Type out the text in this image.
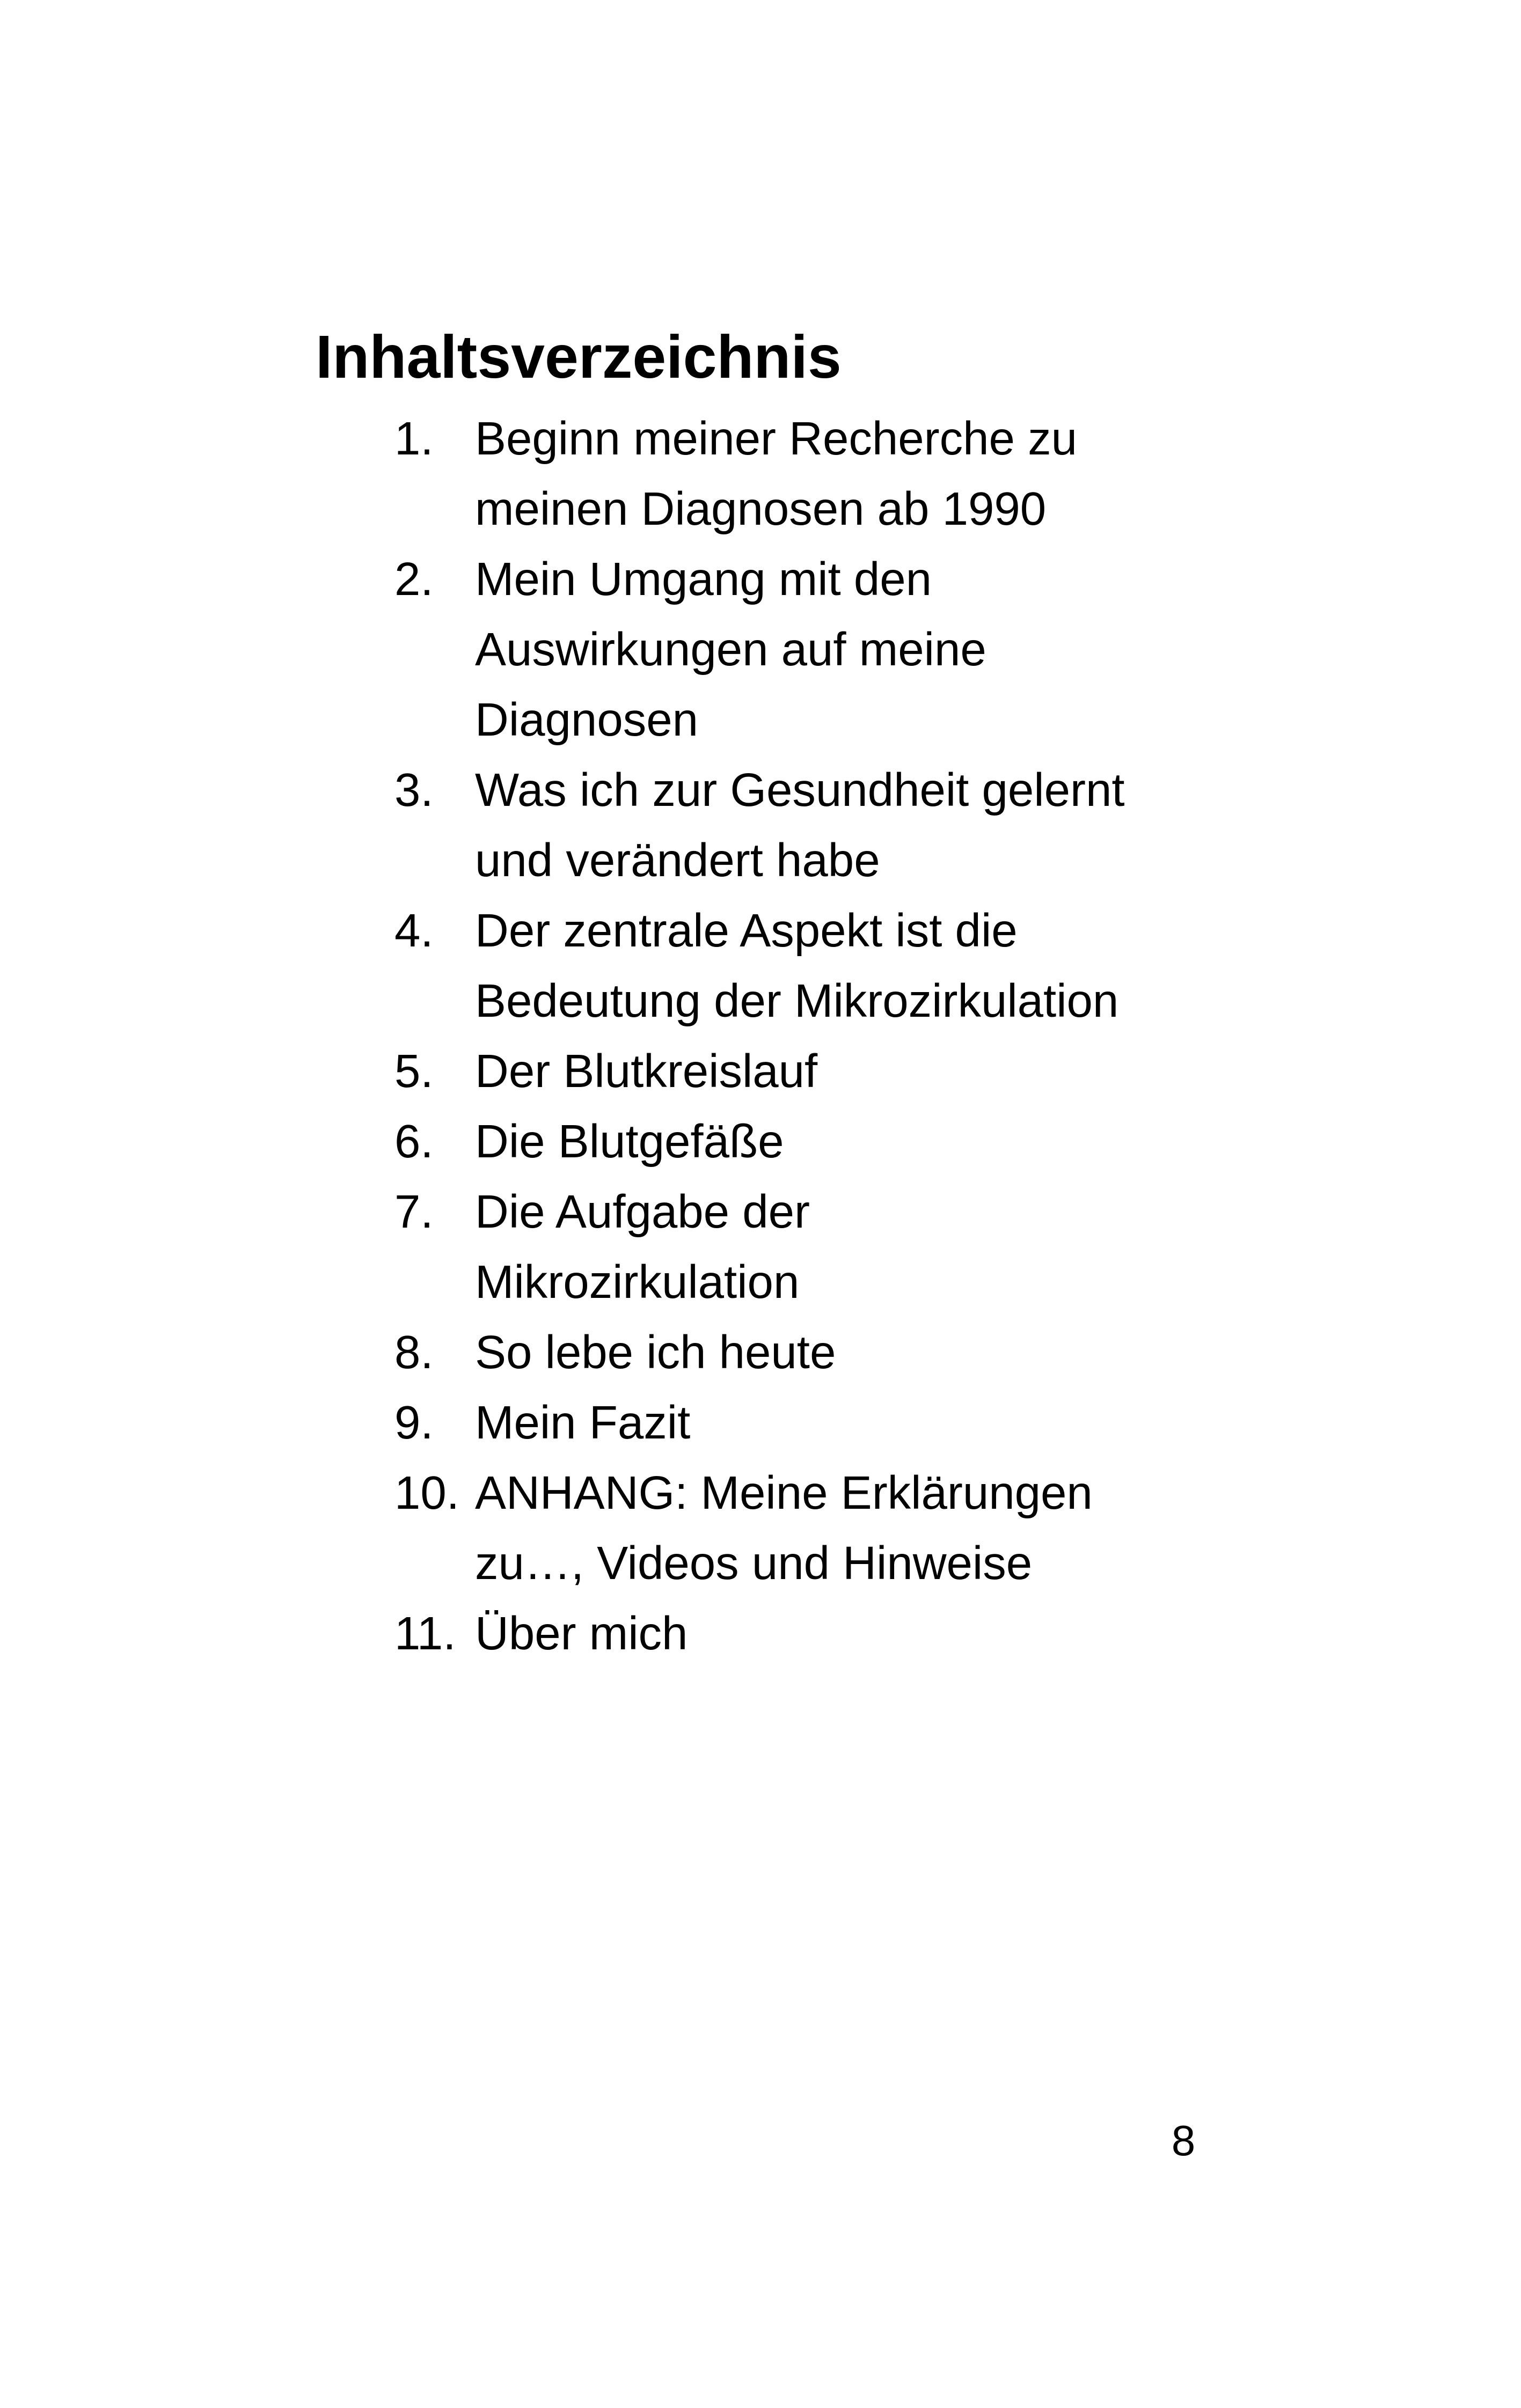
Inhaltsverzeichnis
1. Beginn meiner Recherche zu
meinen Diagnosen ab 1990
2. Mein Umgang mit den
Auswirkungen auf meine
Diagnosen
3. Was ich zur Gesundheit gelernt
und verändert habe
4. Der zentrale Aspekt ist die
Bedeutung der Mikrozirkulation
5. Der Blutkreislauf
6. Die Blutgefäße
7. Die Aufgabe der
Mikrozirkulation
8. So lebe ich heute
9. Mein Fazit
10. ANHANG: Meine Erklärungen
zu…, Videos und Hinweise
11. Über mich
8
